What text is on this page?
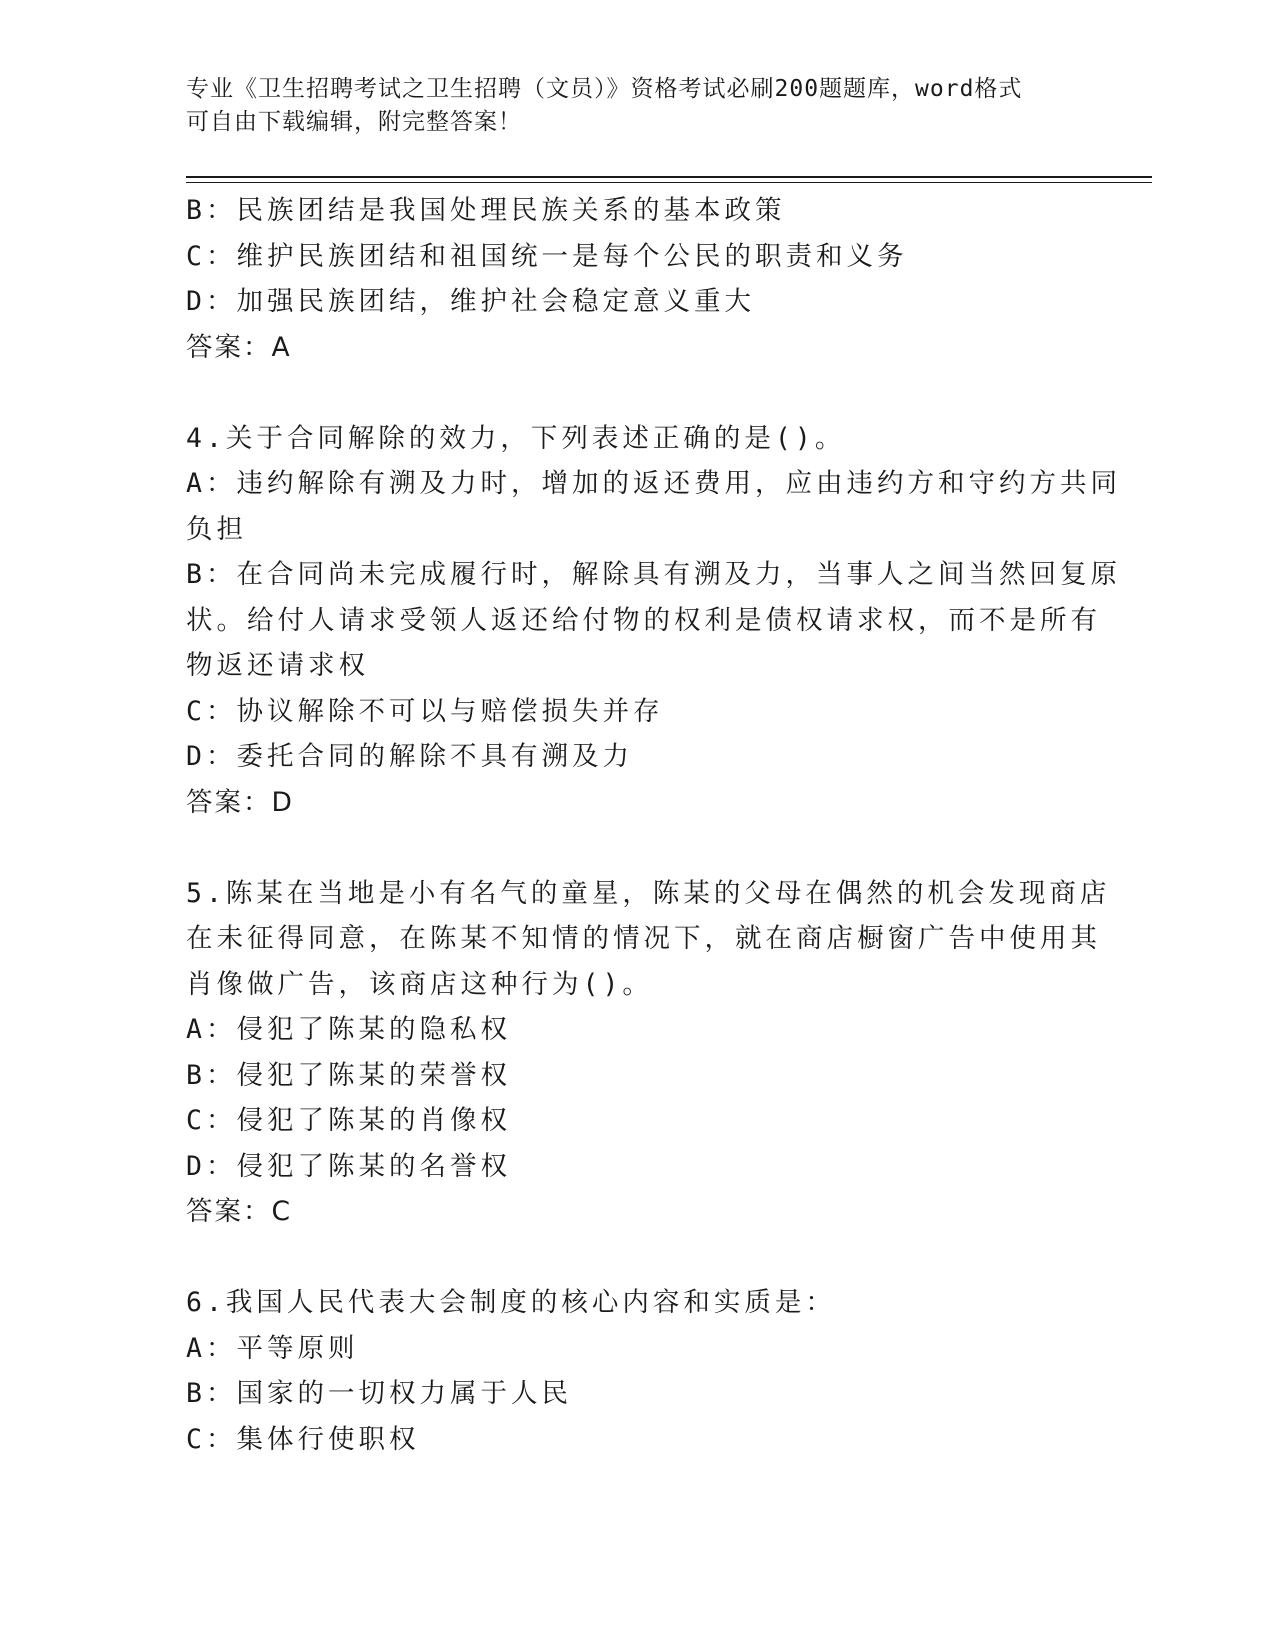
专业《卫生招聘考试之卫生招聘（文员）》资格考试必刷200题题库，word格式
可自由下载编辑，附完整答案！
B：民族团结是我国处理民族关系的基本政策
C：维护民族团结和祖国统一是每个公民的职责和义务
D：加强民族团结，维护社会稳定意义重大
答案：A
4.关于合同解除的效力，下列表述正确的是()。
A：违约解除有溯及力时，增加的返还费用，应由违约方和守约方共同
负担
B：在合同尚未完成履行时，解除具有溯及力，当事人之间当然回复原
状。给付人请求受领人返还给付物的权利是债权请求权，而不是所有
物返还请求权
C：协议解除不可以与赔偿损失并存
D：委托合同的解除不具有溯及力
答案：D
5.陈某在当地是小有名气的童星，陈某的父母在偶然的机会发现商店
在未征得同意，在陈某不知情的情况下，就在商店橱窗广告中使用其
肖像做广告，该商店这种行为()。
A：侵犯了陈某的隐私权
B：侵犯了陈某的荣誉权
C：侵犯了陈某的肖像权
D：侵犯了陈某的名誉权
答案：C
6.我国人民代表大会制度的核心内容和实质是：
A：平等原则
B：国家的一切权力属于人民
C：集体行使职权
